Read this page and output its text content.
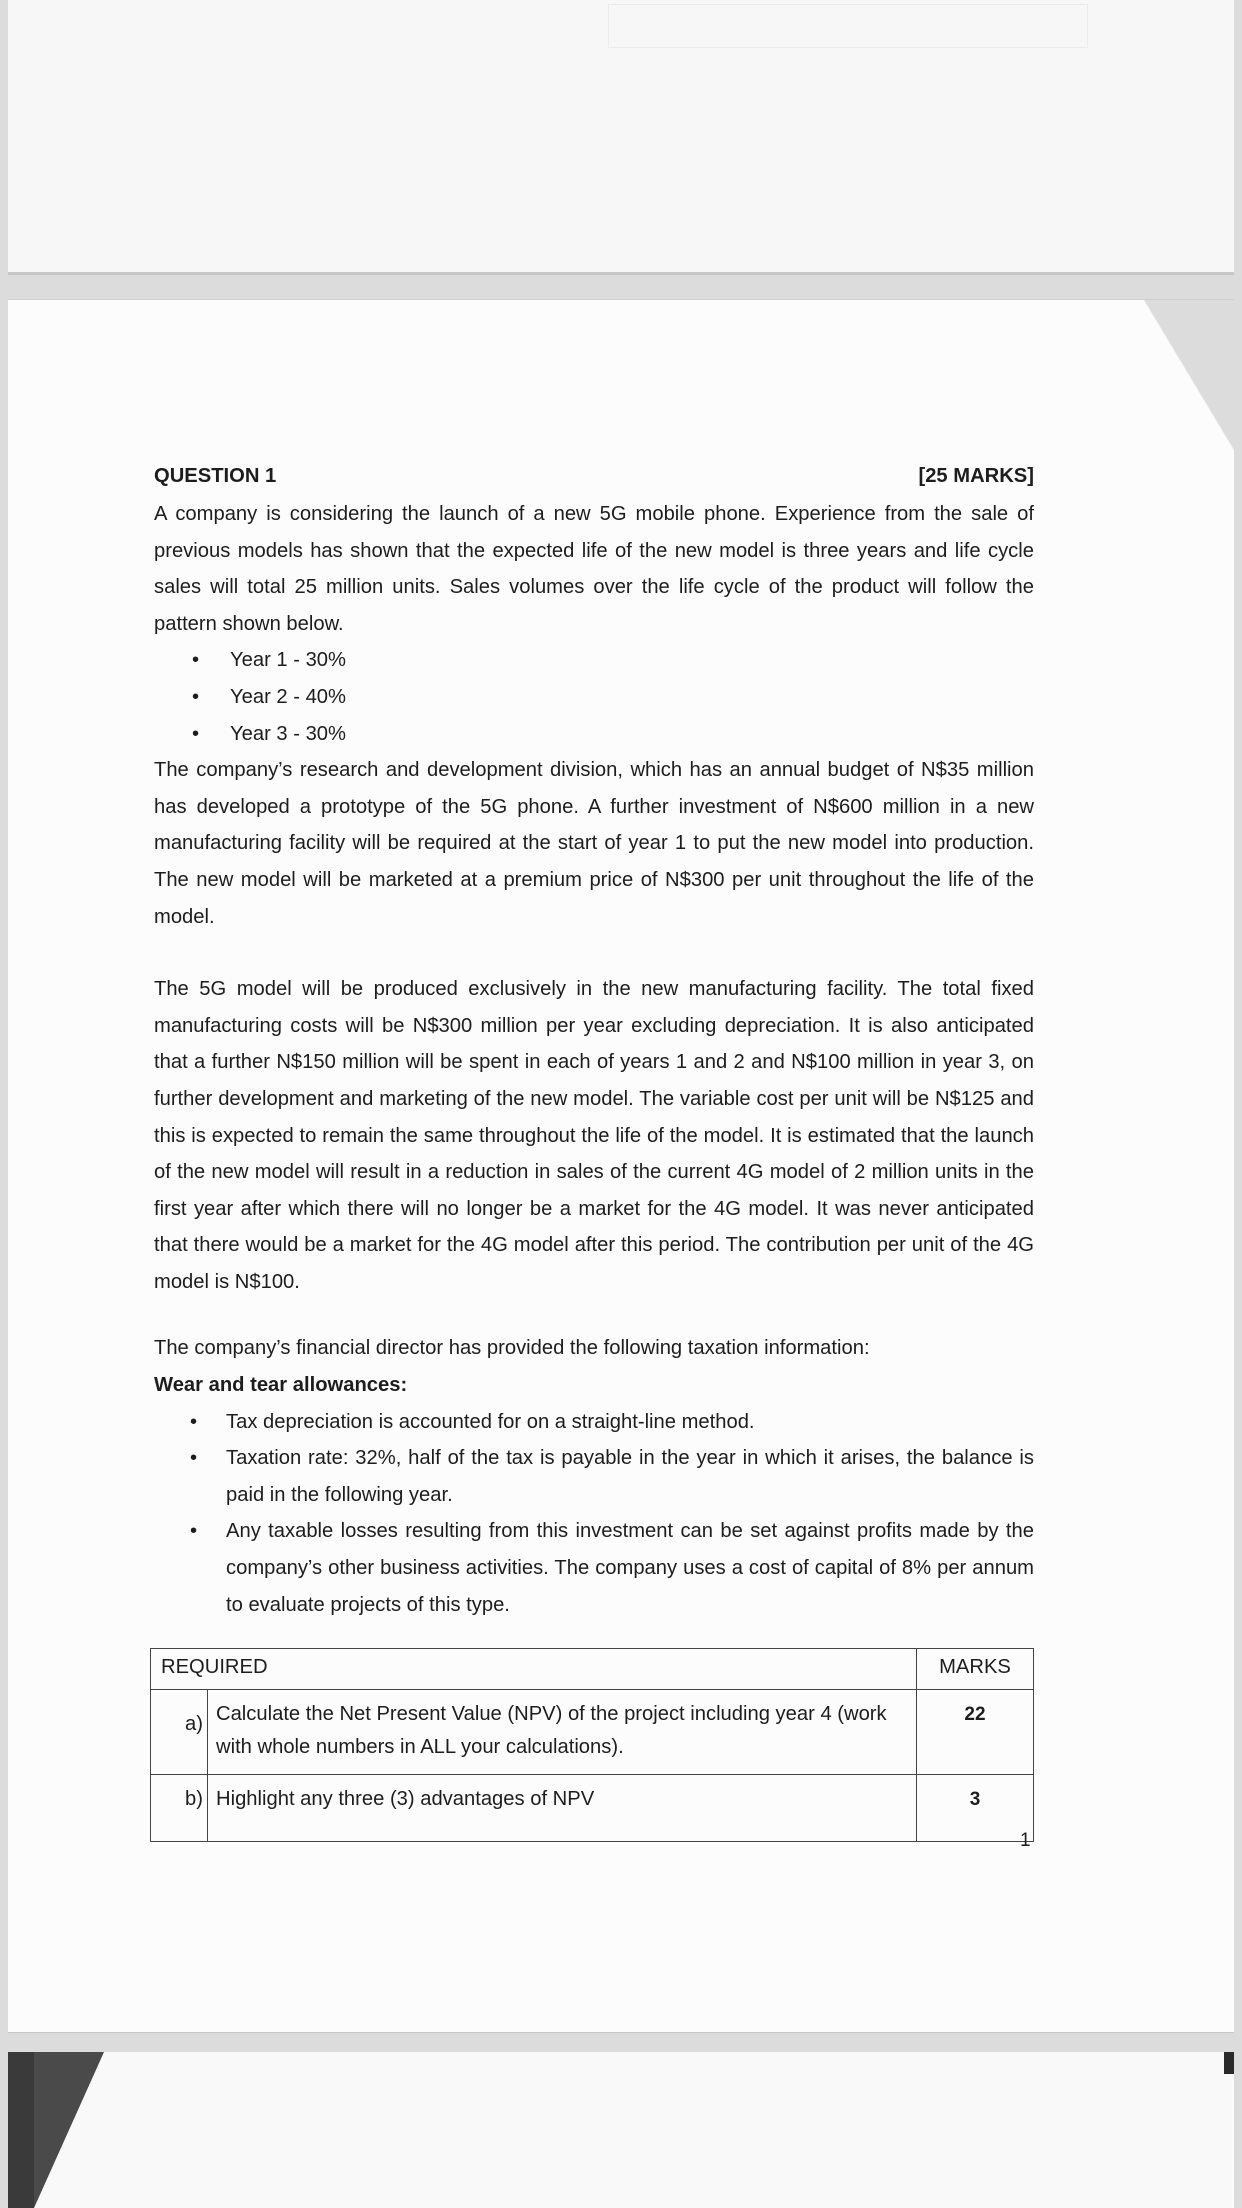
QUESTION 1	[25 MARKS]

A company is considering the launch of a new 5G mobile phone. Experience from the sale of previous models has shown that the expected life of the new model is three years and life cycle sales will total 25 million units. Sales volumes over the life cycle of the product will follow the pattern shown below.

• Year 1 - 30%
• Year 2 - 40%
• Year 3 - 30%

The company’s research and development division, which has an annual budget of N$35 million has developed a prototype of the 5G phone. A further investment of N$600 million in a new manufacturing facility will be required at the start of year 1 to put the new model into production. The new model will be marketed at a premium price of N$300 per unit throughout the life of the model.

The 5G model will be produced exclusively in the new manufacturing facility. The total fixed manufacturing costs will be N$300 million per year excluding depreciation. It is also anticipated that a further N$150 million will be spent in each of years 1 and 2 and N$100 million in year 3, on further development and marketing of the new model. The variable cost per unit will be N$125 and this is expected to remain the same throughout the life of the model. It is estimated that the launch of the new model will result in a reduction in sales of the current 4G model of 2 million units in the first year after which there will no longer be a market for the 4G model. It was never anticipated that there would be a market for the 4G model after this period. The contribution per unit of the 4G model is N$100.

The company’s financial director has provided the following taxation information:

Wear and tear allowances:

• Tax depreciation is accounted for on a straight-line method.
• Taxation rate: 32%, half of the tax is payable in the year in which it arises, the balance is paid in the following year.
• Any taxable losses resulting from this investment can be set against profits made by the company’s other business activities. The company uses a cost of capital of 8% per annum to evaluate projects of this type.
REQUIRED		MARKS
a)	Calculate the Net Present Value (NPV) of the project including year 4 (work with whole numbers in ALL your calculations).	22
b)	Highlight any three (3) advantages of NPV	3
1
